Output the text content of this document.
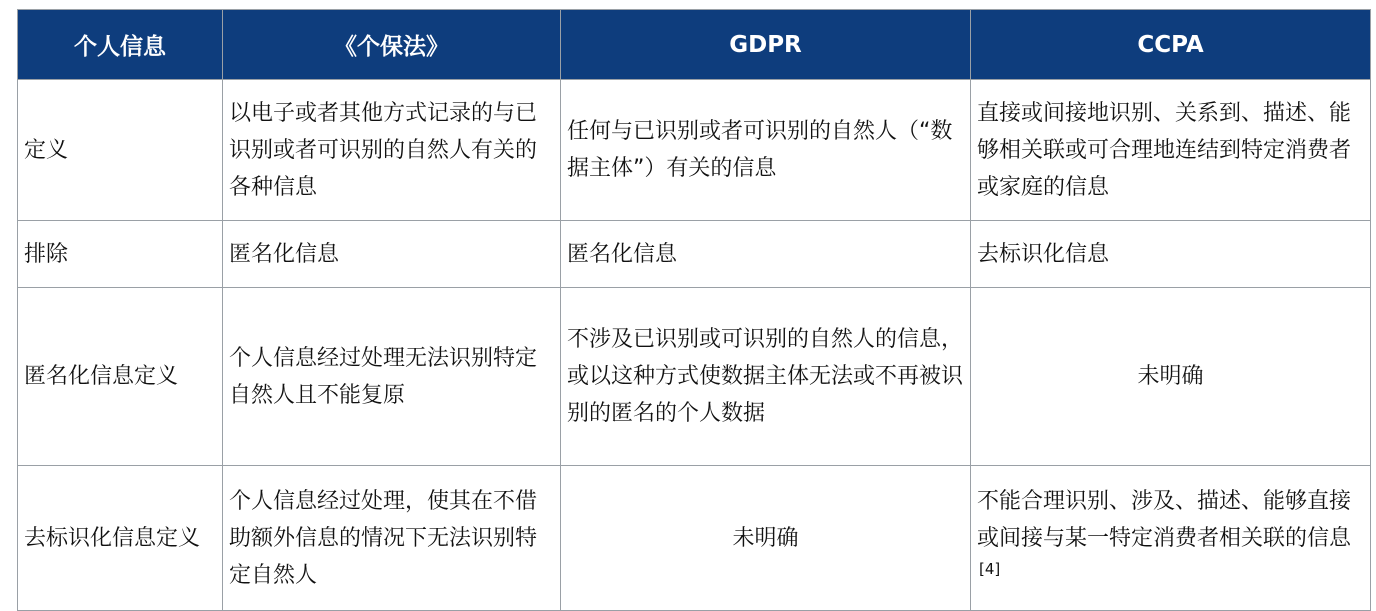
个人信息	《个保法》	GDPR	CCPA
定义	以电子或者其他方式记录的与已识别或者可识别的自然人有关的各种信息	任何与已识别或者可识别的自然人（“数据主体”）有关的信息	直接或间接地识别、关系到、描述、能够相关联或可合理地连结到特定消费者或家庭的信息
排除	匿名化信息	匿名化信息	去标识化信息
匿名化信息定义	个人信息经过处理无法识别特定自然人且不能复原	不涉及已识别或可识别的自然人的信息，或以这种方式使数据主体无法或不再被识别的匿名的个人数据	未明确
去标识化信息定义	个人信息经过处理，使其在不借助额外信息的情况下无法识别特定自然人	未明确	不能合理识别、涉及、描述、能够直接或间接与某一特定消费者相关联的信息[4]
